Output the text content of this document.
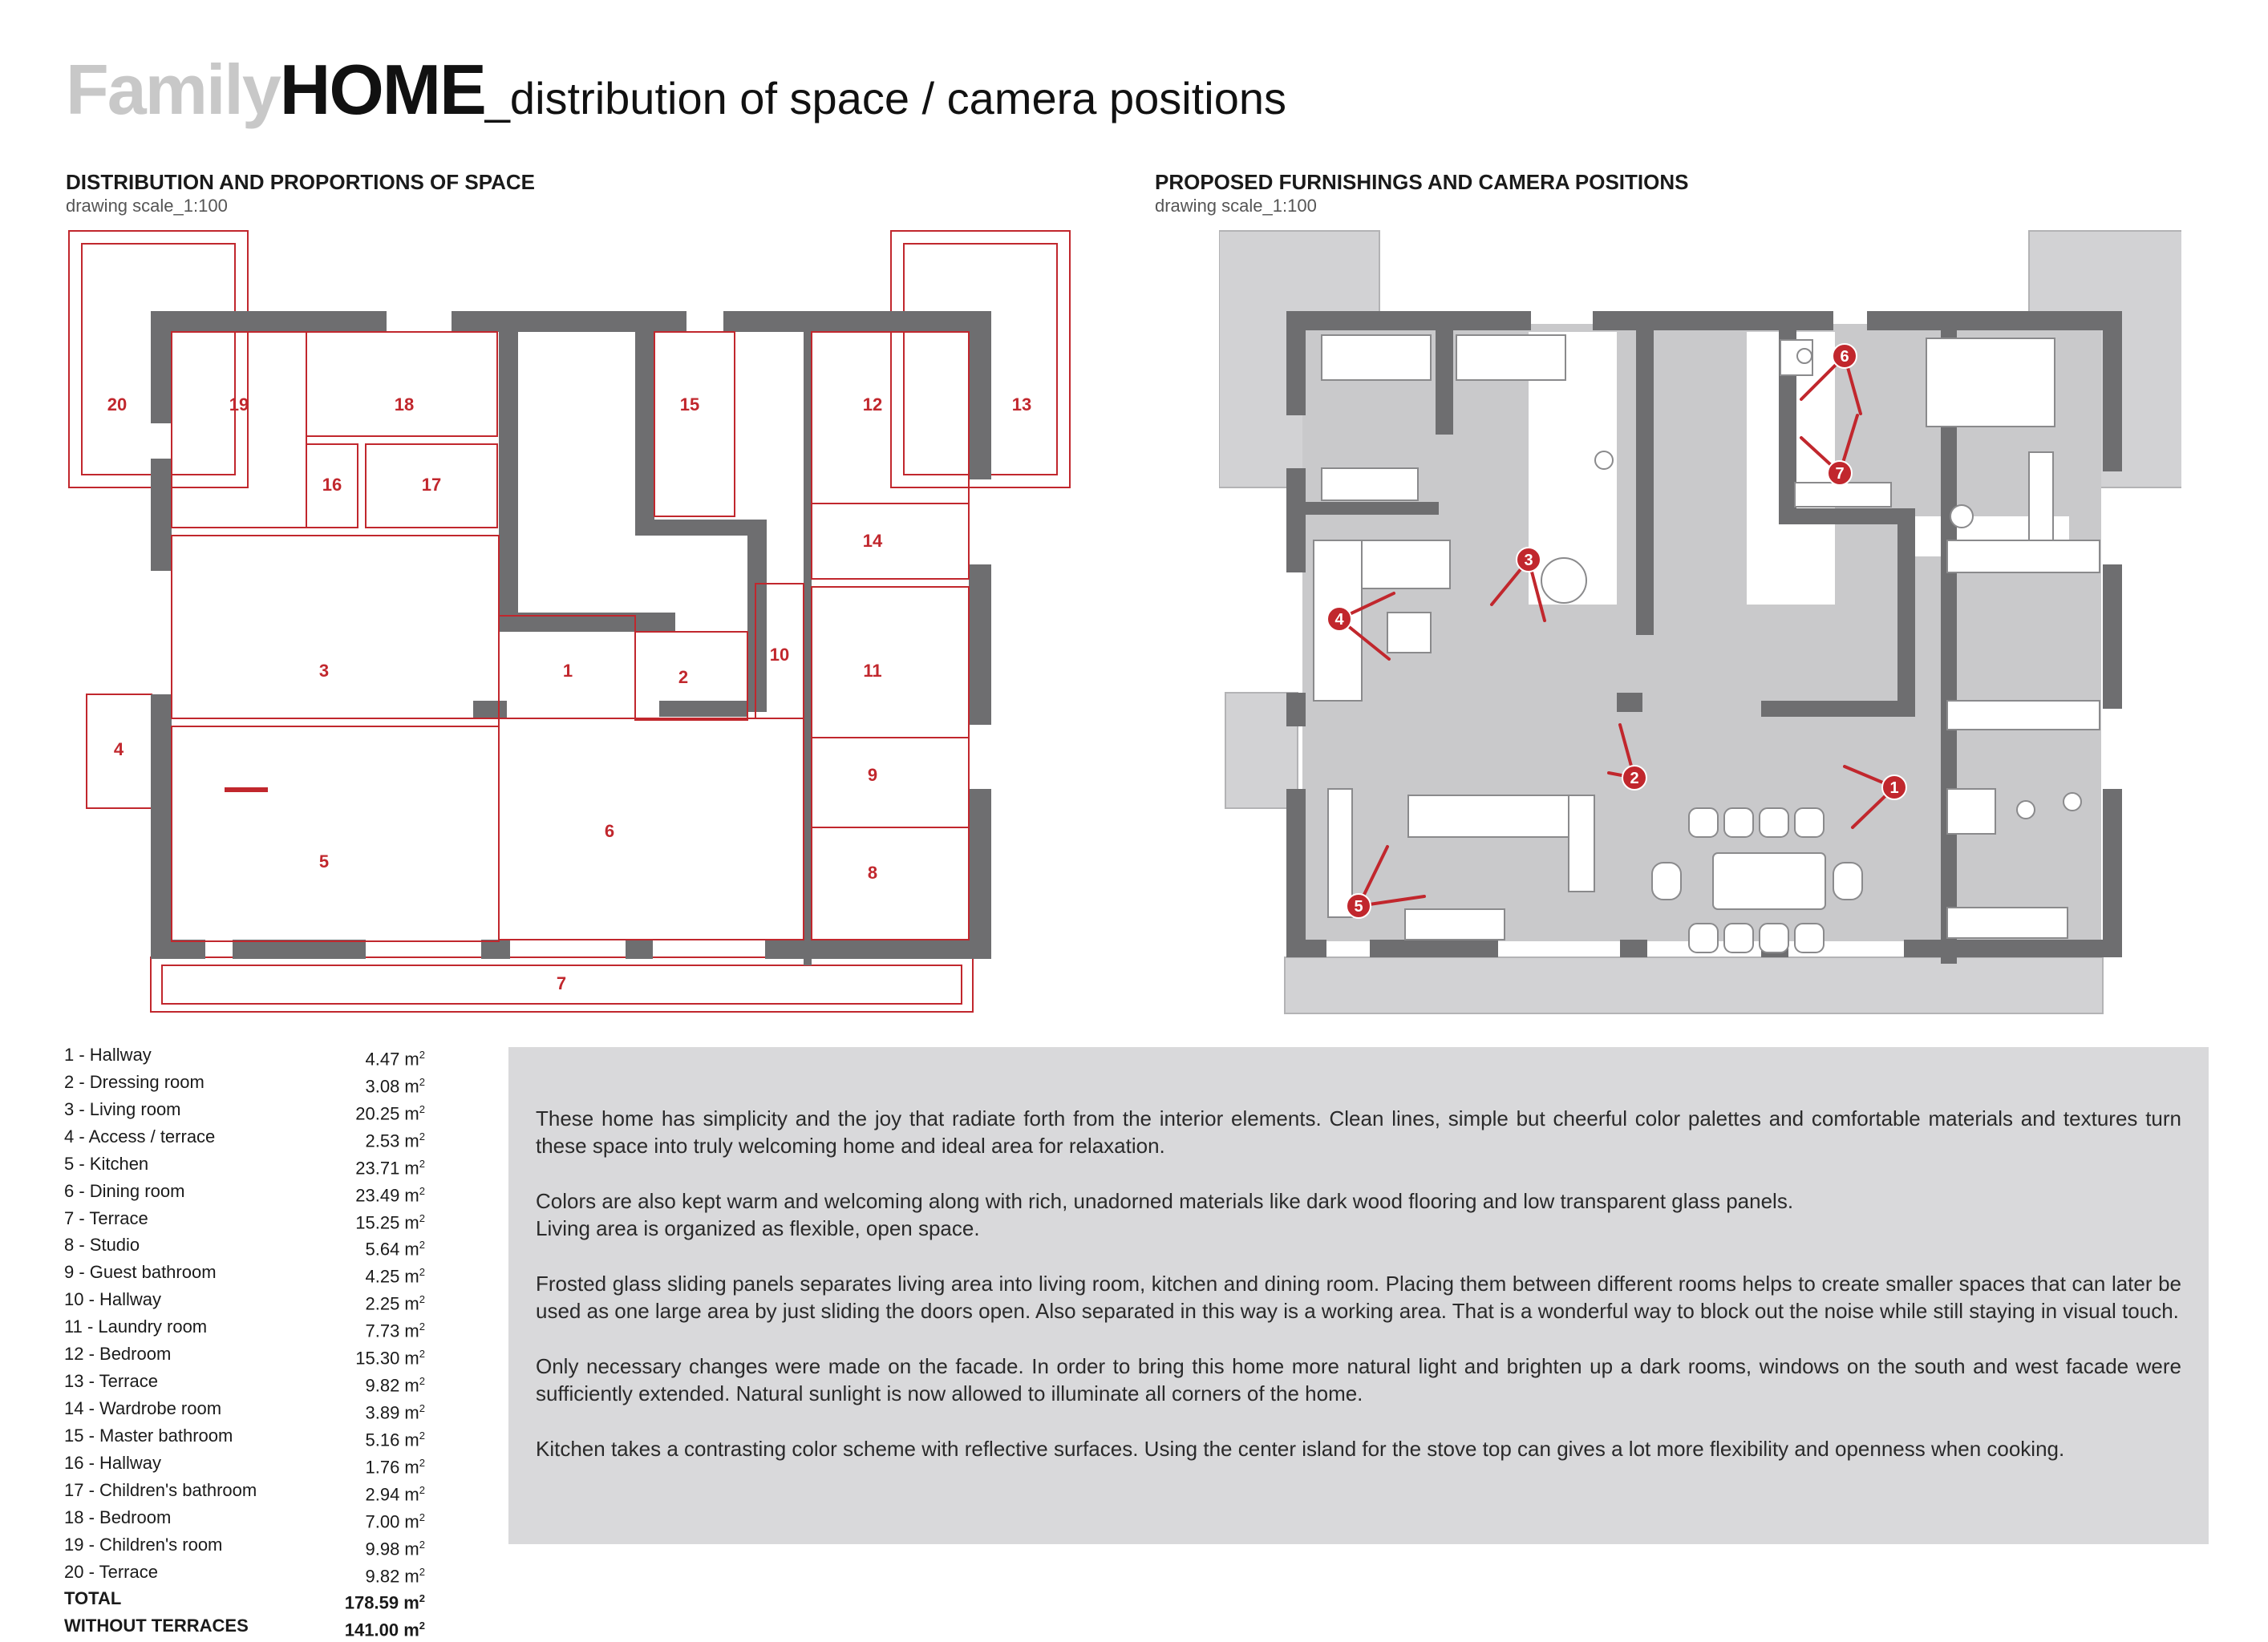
FamilyHOME_distribution of space / camera positions
DISTRIBUTION AND PROPORTIONS OF SPACE
drawing scale_1:100
PROPOSED FURNISHINGS AND CAMERA POSITIONS
drawing scale_1:100
1	2
3
4
5
6
7
8
9
10
11
12	13
14
15
16	17
18
19
20
1
2
3
4
5
6
7
1 - Hallway	4.47 $m^2$
2 - Dressing room	3.08 $m^2$
3 - Living room	20.25 $m^2$
4 - Access / terrace	2.53 $m^2$
5 - Kitchen	23.71 $m^2$
6 - Dining room	23.49 $m^2$
7 - Terrace	15.25 $m^2$
8 - Studio	5.64 $m^2$
9 - Guest bathroom	4.25 $m^2$
10 - Hallway	2.25 $m^2$
11 - Laundry room	7.73 $m^2$
12 - Bedroom	15.30 $m^2$
13 - Terrace	9.82 $m^2$
14 - Wardrobe room	3.89 $m^2$
15 - Master bathroom	5.16 $m^2$
16 - Hallway	1.76 $m^2$
17 - Children's bathroom	2.94 $m^2$
18 - Bedroom	7.00 $m^2$
19 - Children's room	9.98 $m^2$
20 - Terrace	9.82 $m^2$
TOTAL	178.59 $m^2$
WITHOUT TERRACES	141.00 $m^2$

These home has simplicity and the joy that radiate forth from the interior elements. Clean lines, simple but cheerful color palettes and comfortable materials and textures turn these space into truly welcoming home and ideal area for relaxation.

Colors are also kept warm and welcoming along with rich, unadorned materials like dark wood flooring and low transparent glass panels.
Living area is organized as flexible, open space.

Frosted glass sliding panels separates living area into living room, kitchen and dining room. Placing them between different rooms helps to create smaller spaces that can later be used as one large area by just sliding the doors open. Also separated in this way is a working area. That is a wonderful way to block out the noise while still staying in visual touch.

Only necessary changes were made on the facade. In order to bring this home more natural light and brighten up a dark rooms, windows on the south and west facade were sufficiently extended. Natural sunlight is now allowed to illuminate all corners of the home.

Kitchen takes a contrasting color scheme with reflective surfaces. Using the center island for the stove top can gives a lot more flexibility and openness when cooking.
